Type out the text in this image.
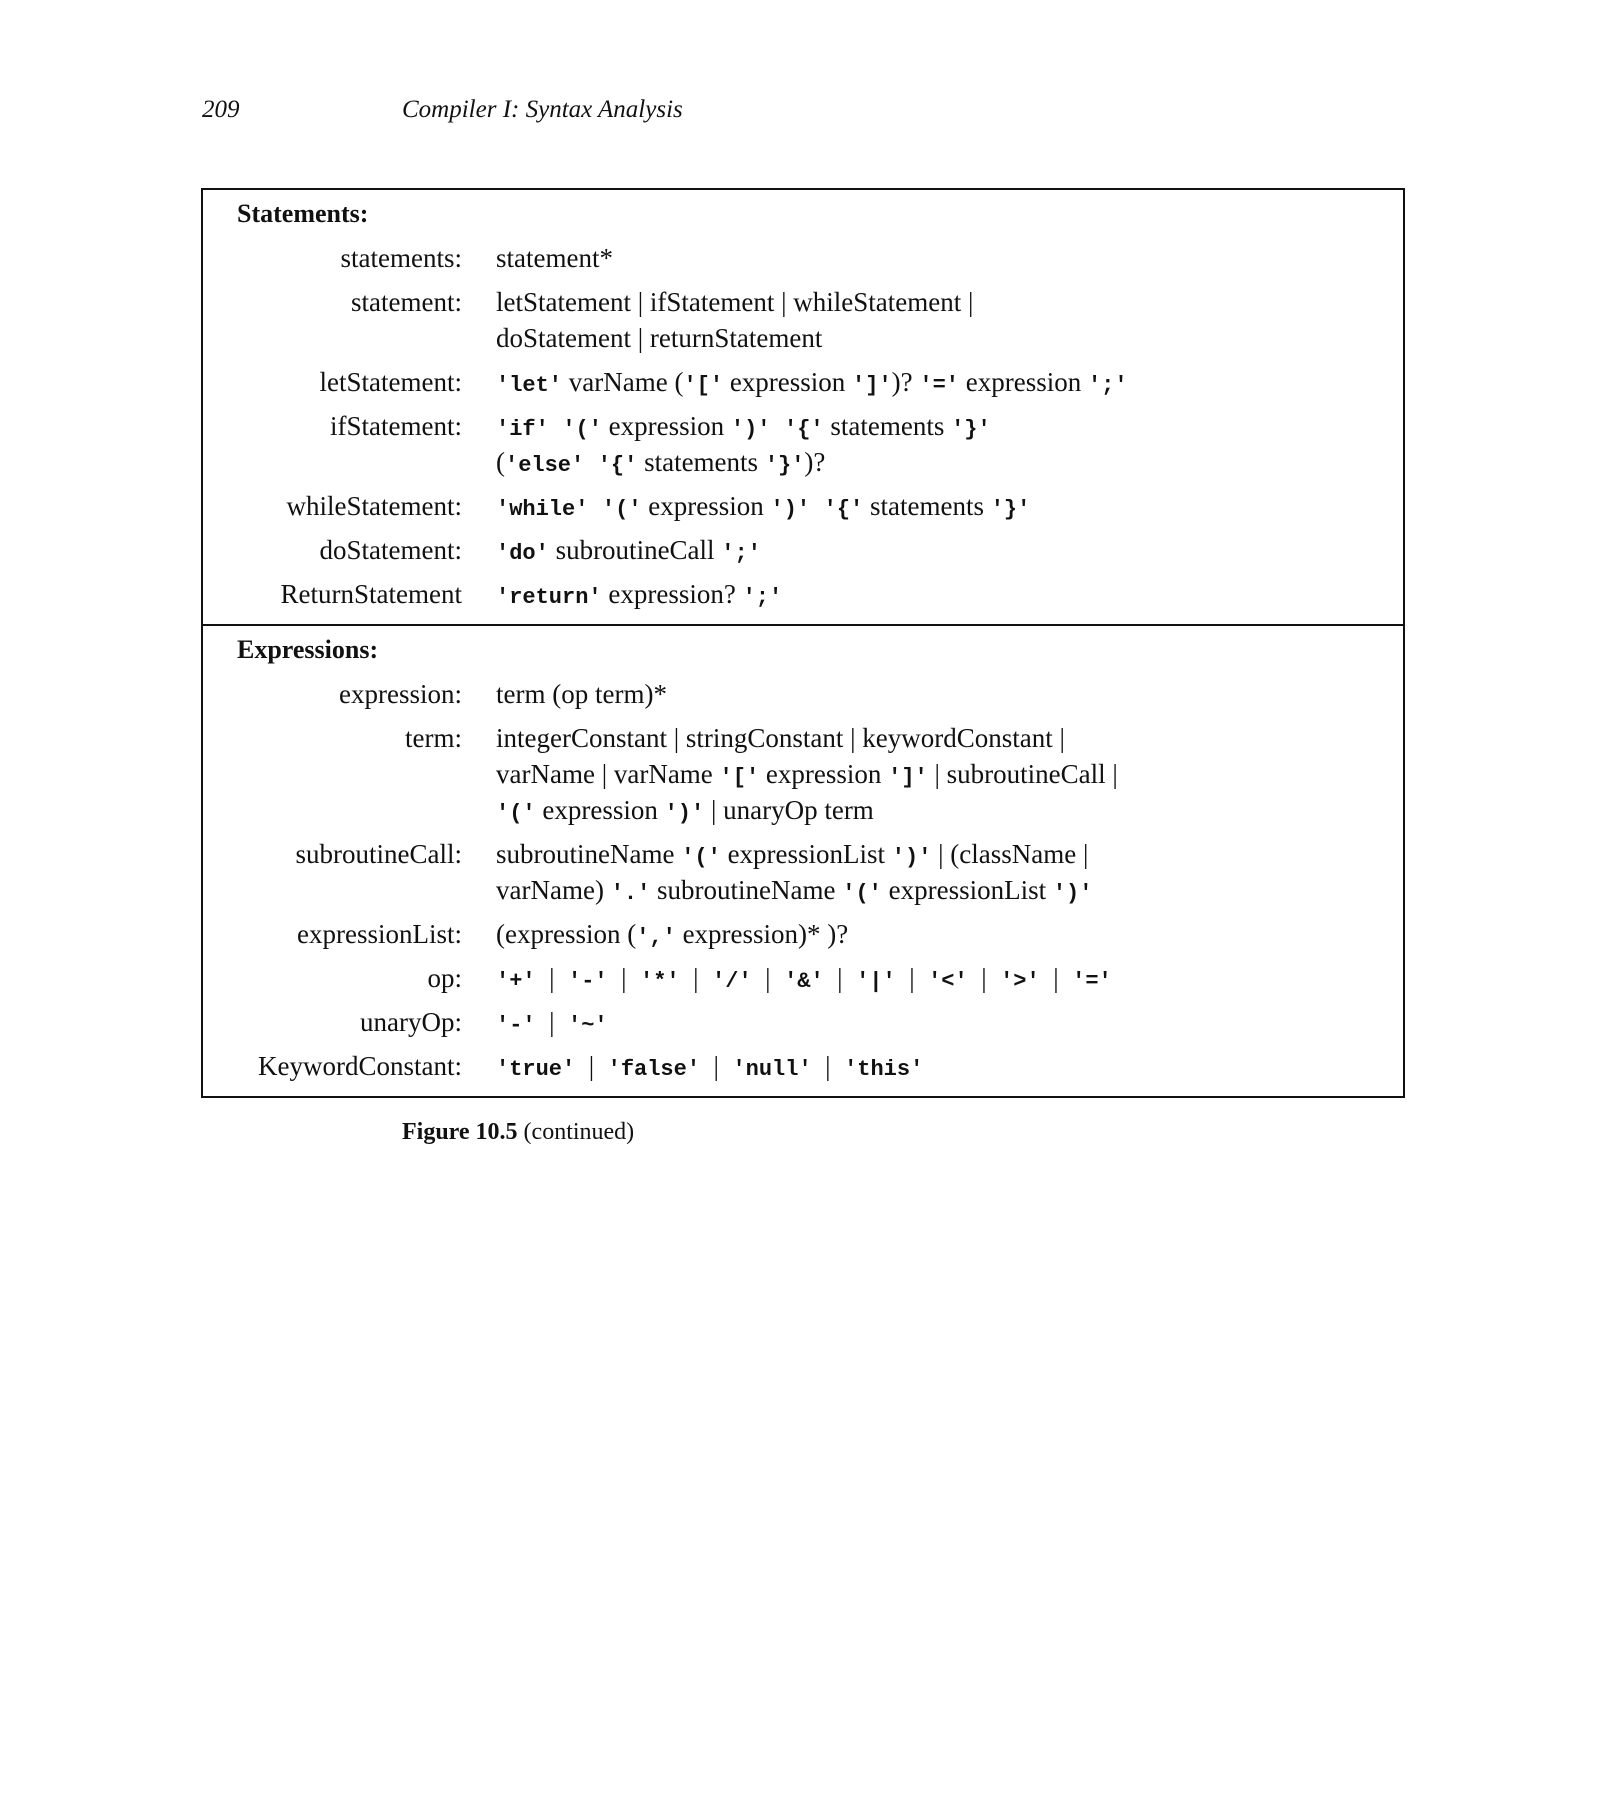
209	Compiler I: Syntax Analysis
Statements:
statements: statement*
statement: letStatement | ifStatement | whileStatement |
doStatement | returnStatement
letStatement: 'let' varName ('[' expression ']')? '=' expression ';'
ifStatement: 'if' '(' expression ')' '{' statements '}'
('else' '{' statements '}')?
whileStatement: 'while' '(' expression ')' '{' statements '}'
doStatement: 'do' subroutineCall ';'
ReturnStatement 'return' expression? ';'
Expressions:
expression: term (op term)*
term: integerConstant | stringConstant | keywordConstant |
varName | varName '[' expression ']' | subroutineCall |
'(' expression ')' | unaryOp term
subroutineCall: subroutineName '(' expressionList ')' | (className |
varName) '.' subroutineName '(' expressionList ')'
expressionList: (expression (',' expression)* )?
op: '+'  |  '-'  |  '*'  |  '/'  |  '&'  |  '|'  |  '<'  |  '>'  |  '='
unaryOp: '-'  |  '~'
KeywordConstant: 'true'  |  'false'  |  'null'  |  'this'
Figure 10.5 (continued)
